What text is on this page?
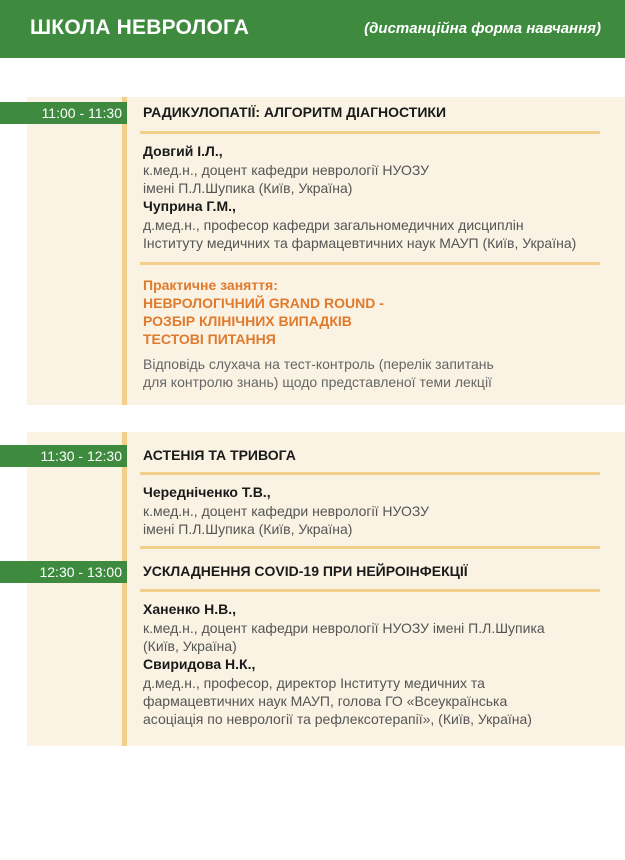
ШКОЛА НЕВРОЛОГА	(дистанційна форма навчання)
11:00 - 11:30	РАДИКУЛОПАТІЇ: АЛГОРИТМ ДІАГНОСТИКИ
Довгий І.Л.,
к.мед.н., доцент кафедри неврології НУОЗУ
імені П.Л.Шупика (Київ, Україна)
Чуприна Г.М.,
д.мед.н., професор кафедри загальномедичних дисциплін
Інституту медичних та фармацевтичних наук МАУП (Київ, Україна)
Практичне заняття:
НЕВРОЛОГІЧНИЙ GRAND ROUND -
РОЗБІР КЛІНІЧНИХ ВИПАДКІВ
ТЕСТОВІ ПИТАННЯ
Відповідь слухача на тест-контроль (перелік запитань
для контролю знань) щодо представленої теми лекції
11:30 - 12:30	АСТЕНІЯ ТА ТРИВОГА
Чередніченко Т.В.,
к.мед.н., доцент кафедри неврології НУОЗУ
імені П.Л.Шупика (Київ, Україна)
12:30 - 13:00	УСКЛАДНЕННЯ COVID-19 ПРИ НЕЙРОІНФЕКЦІЇ
Ханенко Н.В.,
к.мед.н., доцент кафедри неврології НУОЗУ імені П.Л.Шупика
(Київ, Україна)
Свиридова Н.К.,
д.мед.н., професор, директор Інституту медичних та
фармацевтичних наук МАУП, голова ГО «Всеукраїнська
асоціація по неврології та рефлексотерапії», (Київ, Україна)
